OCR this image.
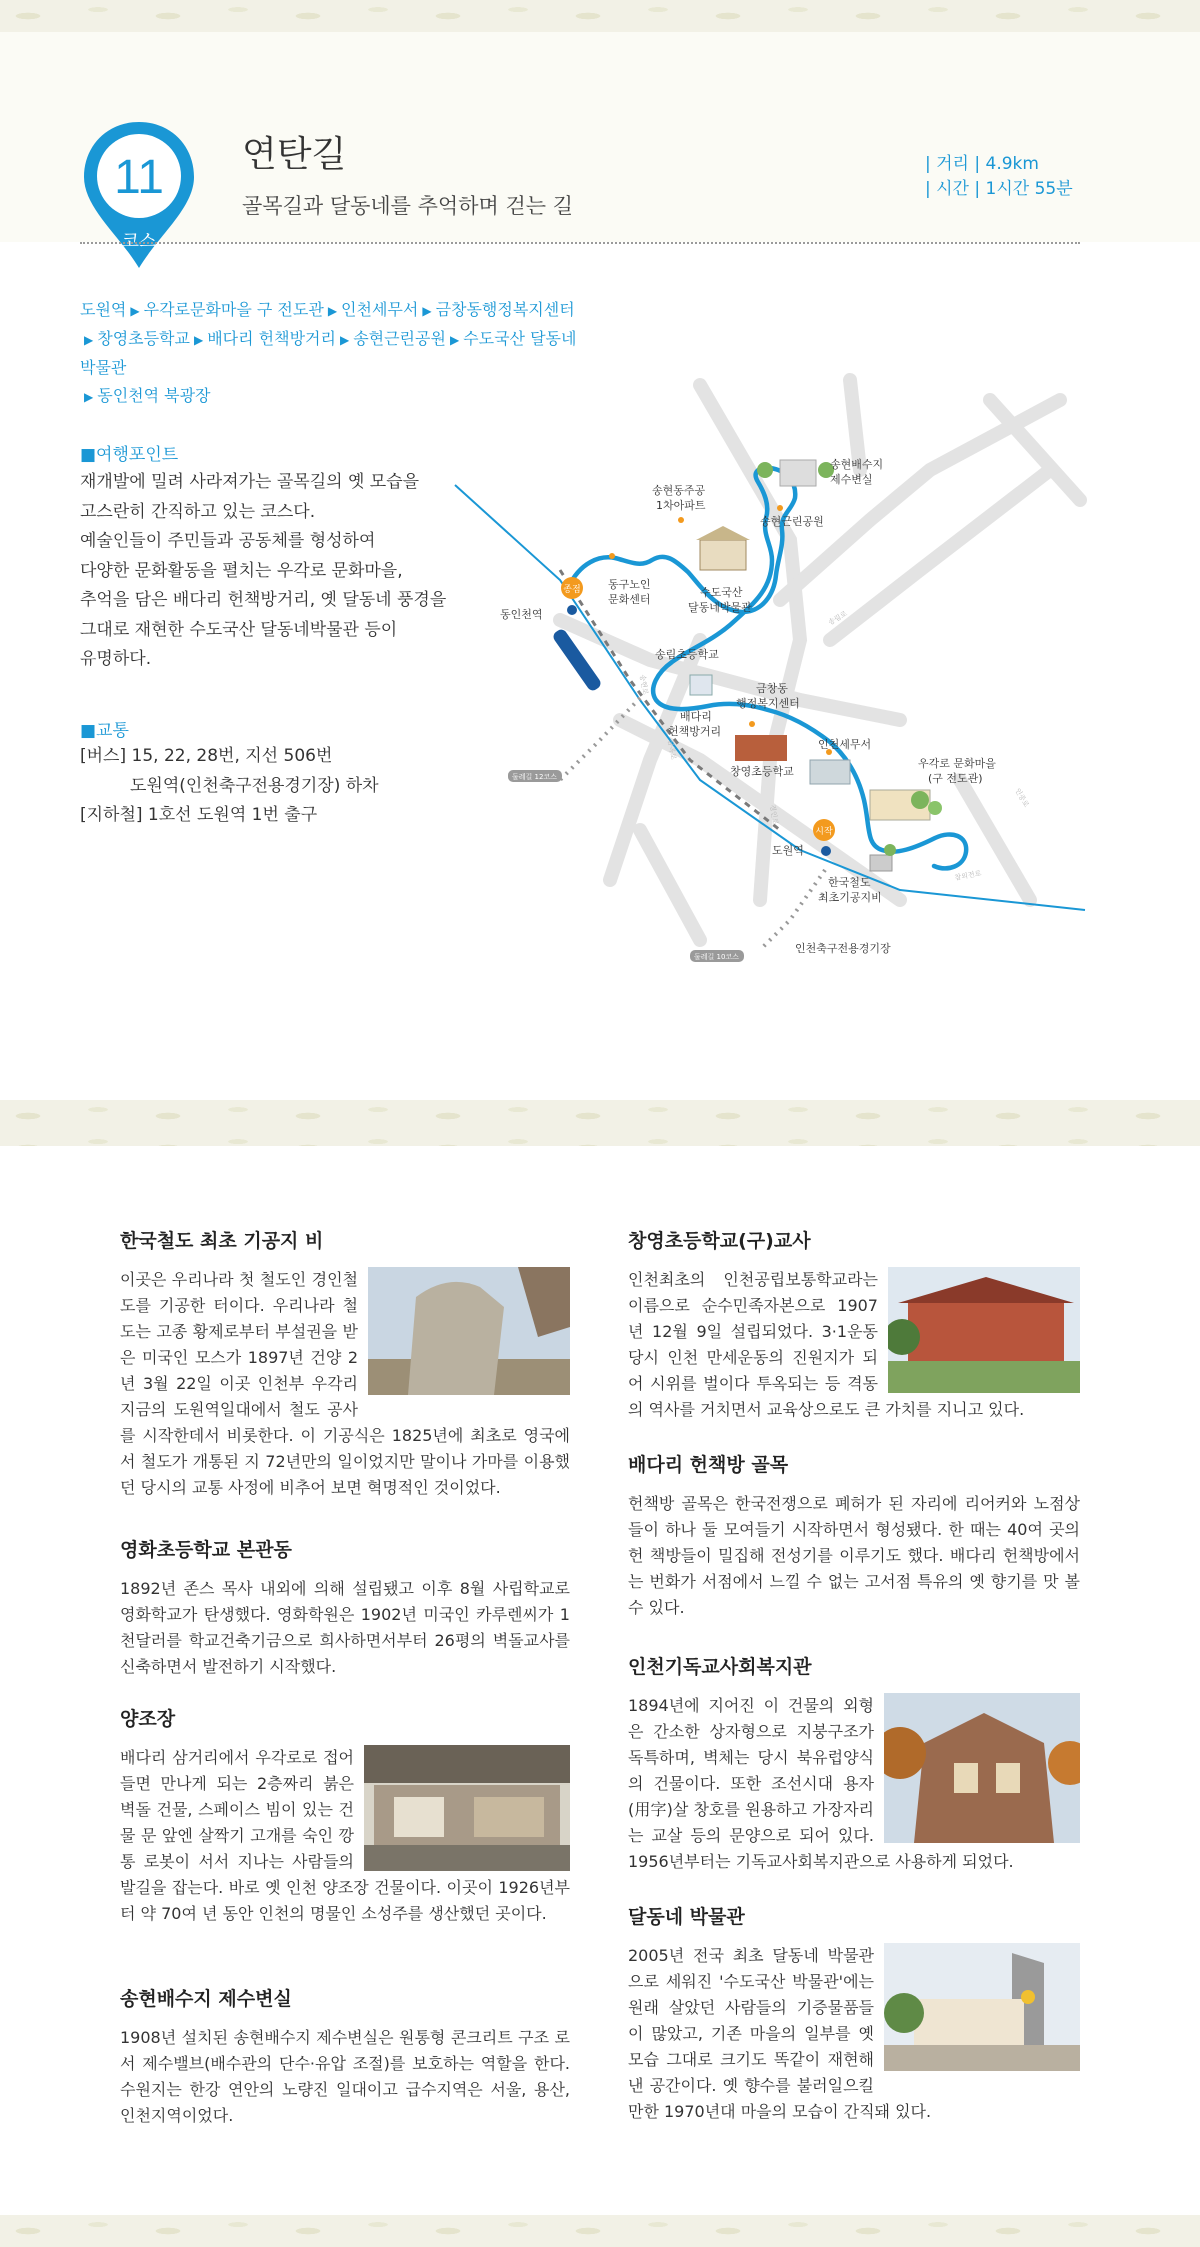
11
코스
연탄길
골목길과 달동네를 추억하며 걷는 길
| 거리 | 4.9km
| 시간 | 1시간 55분
도원역 ▶ 우각로문화마을 구 전도관 ▶ 인천세무서 ▶ 금창동행정복지센터
▶ 창영초등학교 ▶ 배다리 헌책방거리 ▶ 송현근린공원 ▶ 수도국산 달동네 박물관
▶ 동인천역 북광장
■여행포인트
재개발에 밀려 사라져가는 골목길의 옛 모습을
고스란히 간직하고 있는 코스다.
예술인들이 주민들과 공동체를 형성하여
다양한 문화활동을 펼치는 우각로 문화마을,
추억을 담은 배다리 헌책방거리, 옛 달동네 풍경을
그대로 재현한 수도국산 달동네박물관 등이
유명하다.
■교통
[버스] 15, 22, 28번, 지선 506번
도원역(인천축구전용경기장) 하차
[지하철] 1호선 도원역 1번 출구
1호선
둘레길 12코스
둘레길 10코스
종점
시작
송현배수지
제수변실
송현동주공
1차아파트
송현근린공원
동구노인
문화센터
수도국산
달동네박물관
동인천역
송림초등학교
금창동
행정복지센터
배다리
헌책방거리
창영초등학교
인천세무서
우각로 문화마을
(구 전도관)
도원역
한국철도
최초기공지비
인천축구전용경기장
송림로
송현로
금곡로
경인로
참외전로
인중로
한국철도 최초 기공지 비

이곳은 우리나라 첫 철도인 경인철도를 기공한 터이다. 우리나라 철도는 고종 황제로부터 부설권을 받은 미국인 모스가 1897년 건양 2년 3월 22일 이곳 인천부 우각리지금의 도원역일대에서 철도 공사를 시작한데서 비롯한다. 이 기공식은 1825년에 최초로 영국에서 철도가 개통된 지 72년만의 일이었지만 말이나 가마를 이용했던 당시의 교통 사정에 비추어 보면 혁명적인 것이었다.

영화초등학교 본관동

1892년 존스 목사 내외에 의해 설립됐고 이후 8월 사립학교로 영화학교가 탄생했다. 영화학원은 1902년 미국인 카루렌씨가 1천달러를 학교건축기금으로 희사하면서부터 26평의 벽돌교사를 신축하면서 발전하기 시작했다.

양조장

배다리 삼거리에서 우각로로 접어들면 만나게 되는 2층짜리 붉은 벽돌 건물, 스페이스 빔이 있는 건물 문 앞엔 살짝기 고개를 숙인 깡통 로봇이 서서 지나는 사람들의 발길을 잡는다. 바로 옛 인천 양조장 건물이다. 이곳이 1926년부터 약 70여 년 동안 인천의 명물인 소성주를 생산했던 곳이다.

송현배수지 제수변실

1908년 설치된 송현배수지 제수변실은 원통형 콘크리트 구조 로서 제수밸브(배수관의 단수·유압 조절)를 보호하는 역할을 한다. 수원지는 한강 연안의 노량진 일대이고 급수지역은 서울, 용산, 인천지역이었다.

창영초등학교(구)교사

인천최초의 인천공립보통학교라는 이름으로 순수민족자본으로 1907년 12월 9일 설립되었다. 3·1운동 당시 인천 만세운동의 진원지가 되어 시위를 벌이다 투옥되는 등 격동의 역사를 거치면서 교육상으로도 큰 가치를 지니고 있다.

배다리 헌책방 골목

헌책방 골목은 한국전쟁으로 폐허가 된 자리에 리어커와 노점상들이 하나 둘 모여들기 시작하면서 형성됐다. 한 때는 40여 곳의 헌 책방들이 밀집해 전성기를 이루기도 했다. 배다리 헌책방에서는 번화가 서점에서 느낄 수 없는 고서점 특유의 옛 향기를 맛 볼 수 있다.

인천기독교사회복지관

1894년에 지어진 이 건물의 외형은 간소한 상자형으로 지붕구조가 독특하며, 벽체는 당시 북유럽양식의 건물이다. 또한 조선시대 용자(用字)살 창호를 원용하고 가장자리는 교살 등의 문양으로 되어 있다. 1956년부터는 기독교사회복지관으로 사용하게 되었다.

달동네 박물관

2005년 전국 최초 달동네 박물관으로 세워진 '수도국산 박물관'에는 원래 살았던 사람들의 기증물품들이 많았고, 기존 마을의 일부를 옛 모습 그대로 크기도 똑같이 재현해 낸 공간이다. 옛 향수를 불러일으킬만한 1970년대 마을의 모습이 간직돼 있다.
